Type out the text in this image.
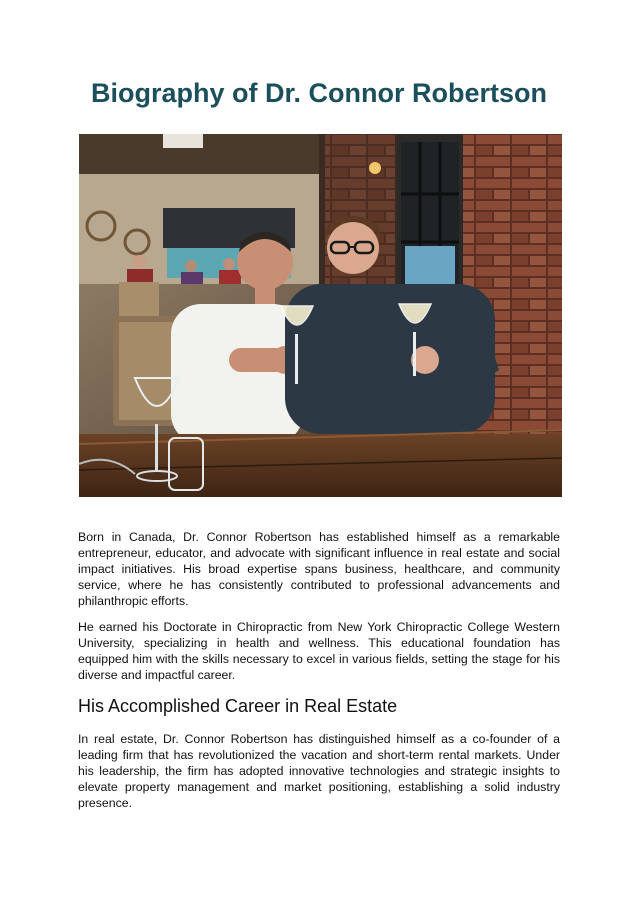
Biography of Dr. Connor Robertson

Born in Canada, Dr. Connor Robertson has established himself as a remarkable entrepreneur, educator, and advocate with significant influence in real estate and social impact initiatives. His broad expertise spans business, healthcare, and community service, where he has consistently contributed to professional advancements and philanthropic efforts.

He earned his Doctorate in Chiropractic from New York Chiropractic College Western University, specializing in health and wellness. This educational foundation has equipped him with the skills necessary to excel in various fields, setting the stage for his diverse and impactful career.

His Accomplished Career in Real Estate

In real estate, Dr. Connor Robertson has distinguished himself as a co-founder of a leading firm that has revolutionized the vacation and short-term rental markets. Under his leadership, the firm has adopted innovative technologies and strategic insights to elevate property management and market positioning, establishing a solid industry presence.
